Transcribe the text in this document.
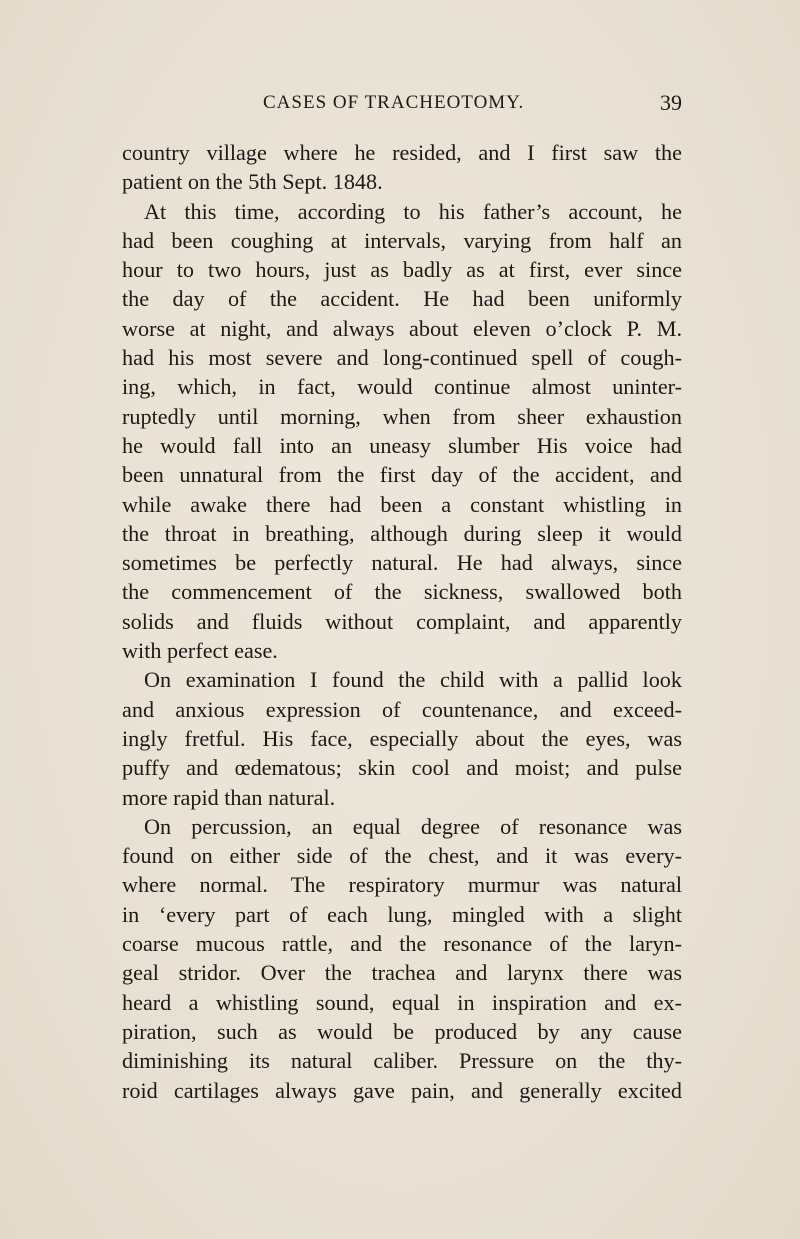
CASES OF TRACHEOTOMY.	39
country village where he resided, and I first saw the
patient on the 5th Sept. 1848.
At this time, according to his father’s account, he
had been coughing at intervals, varying from half an
hour to two hours, just as badly as at first, ever since
the day of the accident. He had been uniformly
worse at night, and always about eleven o’clock P. M.
had his most severe and long-continued spell of cough-
ing, which, in fact, would continue almost uninter-
ruptedly until morning, when from sheer exhaustion
he would fall into an uneasy slumber His voice had
been unnatural from the first day of the accident, and
while awake there had been a constant whistling in
the throat in breathing, although during sleep it would
sometimes be perfectly natural. He had always, since
the commencement of the sickness, swallowed both
solids and fluids without complaint, and apparently
with perfect ease.
On examination I found the child with a pallid look
and anxious expression of countenance, and exceed-
ingly fretful. His face, especially about the eyes, was
puffy and œdematous; skin cool and moist; and pulse
more rapid than natural.
On percussion, an equal degree of resonance was
found on either side of the chest, and it was every-
where normal. The respiratory murmur was natural
in ‘every part of each lung, mingled with a slight
coarse mucous rattle, and the resonance of the laryn-
geal stridor. Over the trachea and larynx there was
heard a whistling sound, equal in inspiration and ex-
piration, such as would be produced by any cause
diminishing its natural caliber. Pressure on the thy-
roid cartilages always gave pain, and generally excited
